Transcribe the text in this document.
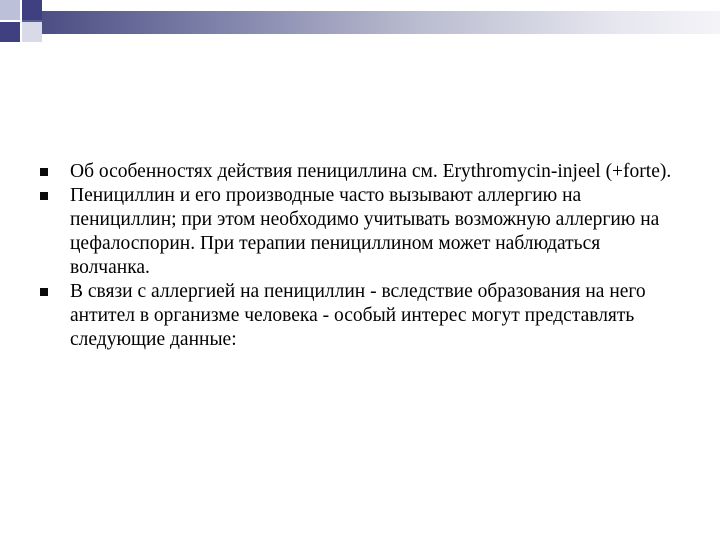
Об особенностях действия пенициллина см. Erythromycin-injeel (+forte).
Пенициллин и его производные часто вызывают аллергию на пенициллин; при этом необходимо учитывать возможную аллергию на цефалоспорин. При терапии пенициллином может наблюдаться волчанка.
В связи с аллергией на пенициллин - вследствие образования на него антител в организме человека - особый интерес могут представлять следующие данные:
